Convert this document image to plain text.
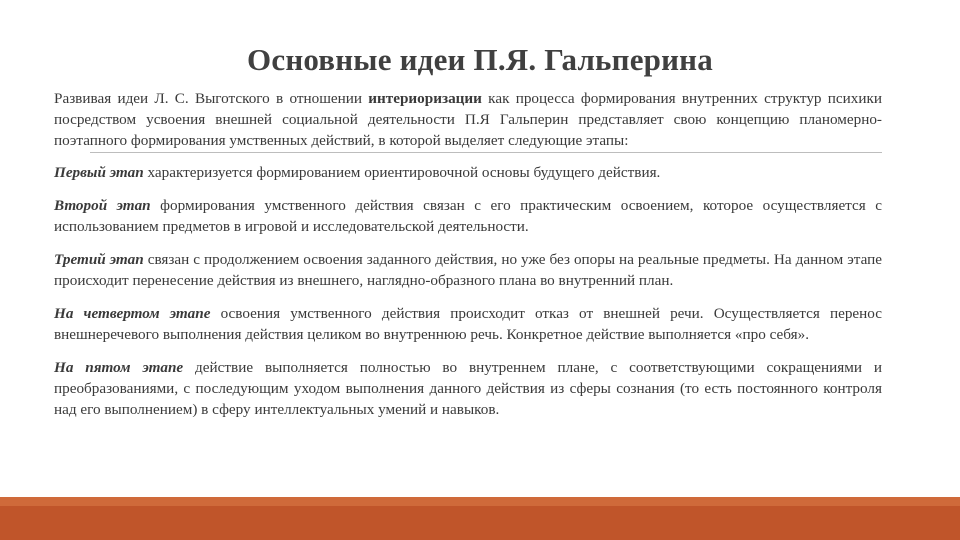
Основные идеи П.Я. Гальперина

Развивая идеи Л. С. Выготского в отношении интериоризации как процесса формирования внутренних структур психики посредством усвоения внешней социальной деятельности П.Я Гальперин представляет свою концепцию планомерно-поэтапного формирования умственных действий, в которой выделяет следующие этапы:

Первый этап характеризуется формированием ориентировочной основы будущего действия.

Второй этап формирования умственного действия связан с его практическим освоением, которое осуществляется с использованием предметов в игровой и исследовательской деятельности.

Третий этап связан с продолжением освоения заданного действия, но уже без опоры на реальные предметы. На данном этапе происходит перенесение действия из внешнего, наглядно-образного плана во внутренний план.

На четвертом этапе освоения умственного действия происходит отказ от внешней речи. Осуществляется перенос внешнеречевого выполнения действия целиком во внутреннюю речь. Конкретное действие выполняется «про себя».

На пятом этапе действие выполняется полностью во внутреннем плане, с соответствующими сокращениями и преобразованиями, с последующим уходом выполнения данного действия из сферы сознания (то есть постоянного контроля над его выполнением) в сферу интеллектуальных умений и навыков.
